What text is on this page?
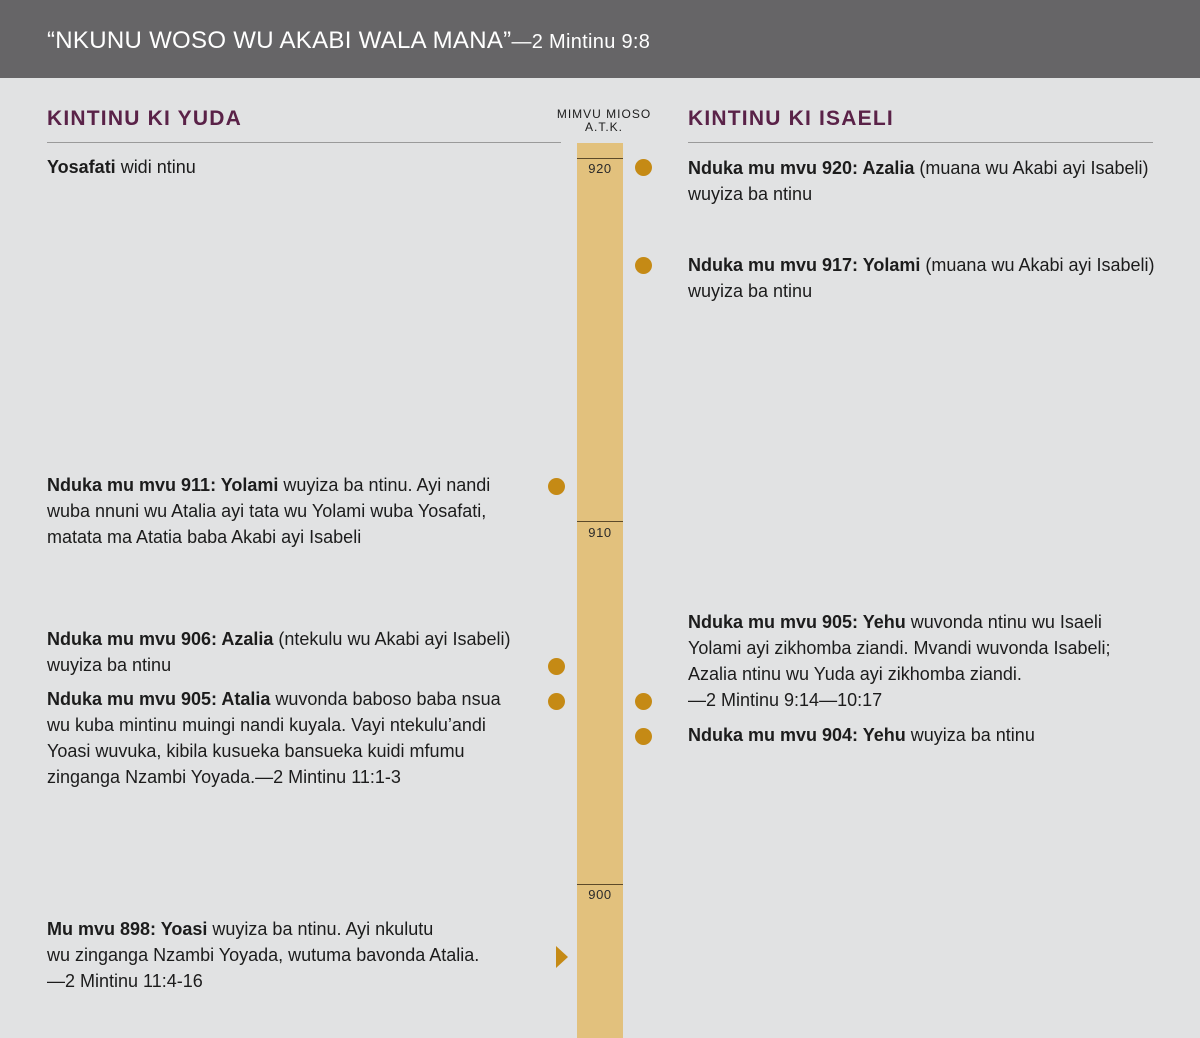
“NKUNU WOSO WU AKABI WALA MANA”—2 Mintinu 9:8
KINTINU KI YUDA	KINTINU KI ISAELI
MIMVU MIOSO
A.T.K.
920
910
900
Yosafati widi ntinu
Nduka mu mvu 911: Yolami wuyiza ba ntinu. Ayi nandi
wuba nnuni wu Atalia ayi tata wu Yolami wuba Yosafati,
matata ma Atatia baba Akabi ayi Isabeli
Nduka mu mvu 906: Azalia (ntekulu wu Akabi ayi Isabeli)
wuyiza ba ntinu
Nduka mu mvu 905: Atalia wuvonda baboso baba nsua
wu kuba mintinu muingi nandi kuyala. Vayi ntekulu’andi
Yoasi wuvuka, kibila kusueka bansueka kuidi mfumu
zinganga Nzambi Yoyada.—2 Mintinu 11:1-3
Mu mvu 898: Yoasi wuyiza ba ntinu. Ayi nkulutu
wu zinganga Nzambi Yoyada, wutuma bavonda Atalia.
—2 Mintinu 11:4-16
Nduka mu mvu 920: Azalia (muana wu Akabi ayi Isabeli)
wuyiza ba ntinu
Nduka mu mvu 917: Yolami (muana wu Akabi ayi Isabeli)
wuyiza ba ntinu
Nduka mu mvu 905: Yehu wuvonda ntinu wu Isaeli
Yolami ayi zikhomba ziandi. Mvandi wuvonda Isabeli;
Azalia ntinu wu Yuda ayi zikhomba ziandi.
—2 Mintinu 9:14—10:17
Nduka mu mvu 904: Yehu wuyiza ba ntinu
